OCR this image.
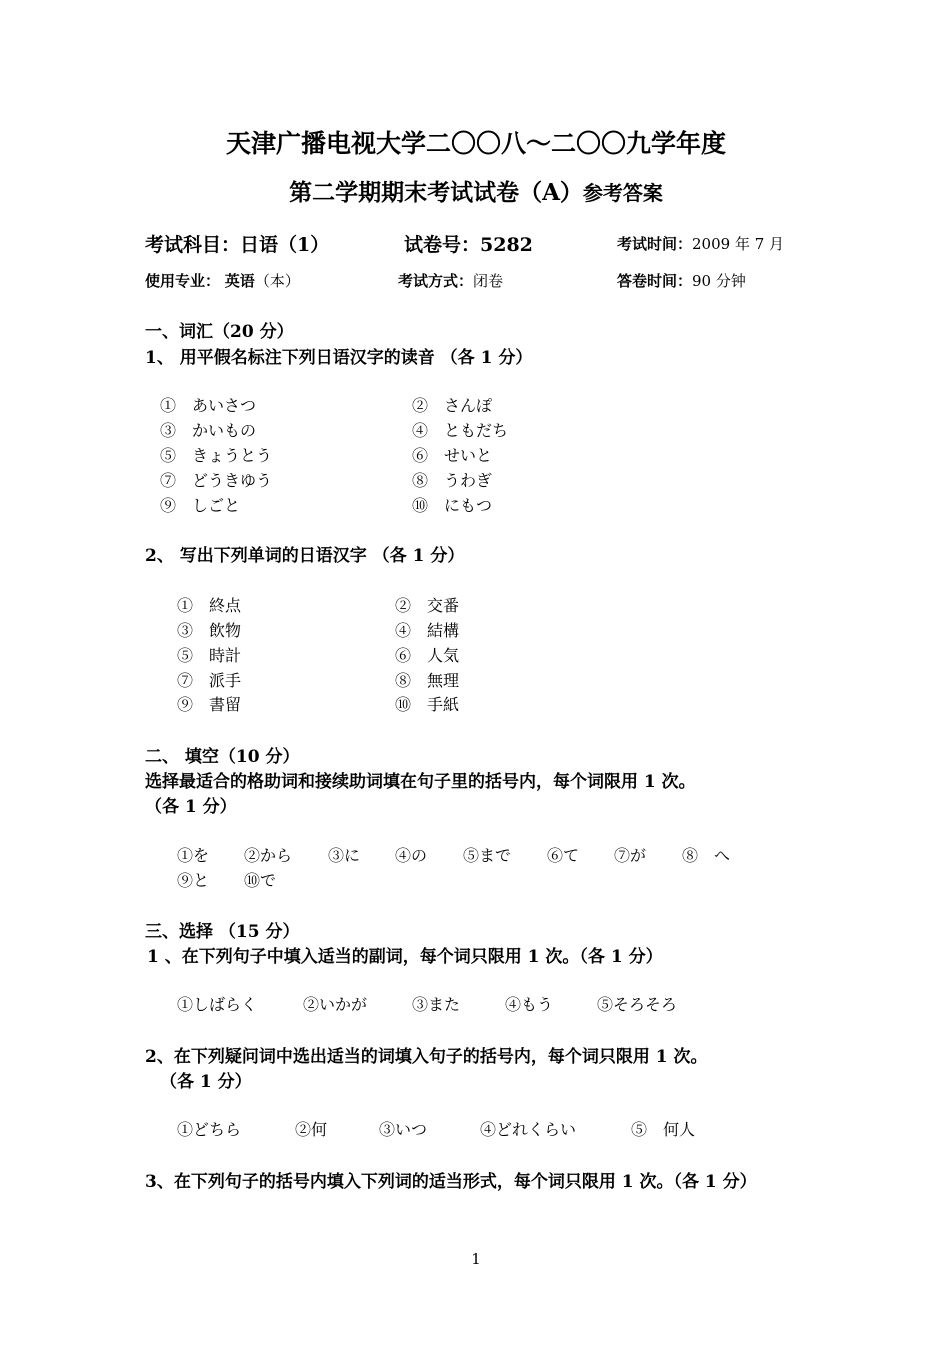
天津广播电视大学二〇〇八～二〇〇九学年度
第二学期期末考试试卷（A）参考答案
考试科目：日语（1）	试卷号：5282	考试时间：2009 年 7 月
使用专业： 英语（本）	考试方式：闭卷	答卷时间：90 分钟
一、词汇（20 分）
1、 用平假名标注下列日语汉字的读音 （各 1 分）
①　あいさつ	②　さんぽ
③　かいもの	④　ともだち
⑤　きょうとう	⑥　せいと
⑦　どうきゆう	⑧　うわぎ
⑨　しごと	⑩　にもつ
2、 写出下列单词的日语汉字 （各 1 分）
①　終点	②　交番
③　飲物	④　結構
⑤　時計	⑥　人気
⑦　派手	⑧　無理
⑨　書留	⑩　手紙
二、 填空（10 分）
选择最适合的格助词和接续助词填在句子里的括号内，每个词限用 1 次。
（各 1 分）
①を ②から ③に ④の ⑤まで ⑥て ⑦が ⑧　へ
⑨と ⑩で
三、选择 （15 分）
1 、在下列句子中填入适当的副词，每个词只限用 1 次。（各 1 分）
①しばらく	②いかが	③また	④もう	⑤そろそろ
2、在下列疑问词中选出适当的词填入句子的括号内，每个词只限用 1 次。
（各 1 分）
①どちら	②何	③いつ	④どれくらい	⑤　何人
3、在下列句子的括号内填入下列词的适当形式，每个词只限用 1 次。（各 1 分）
1
